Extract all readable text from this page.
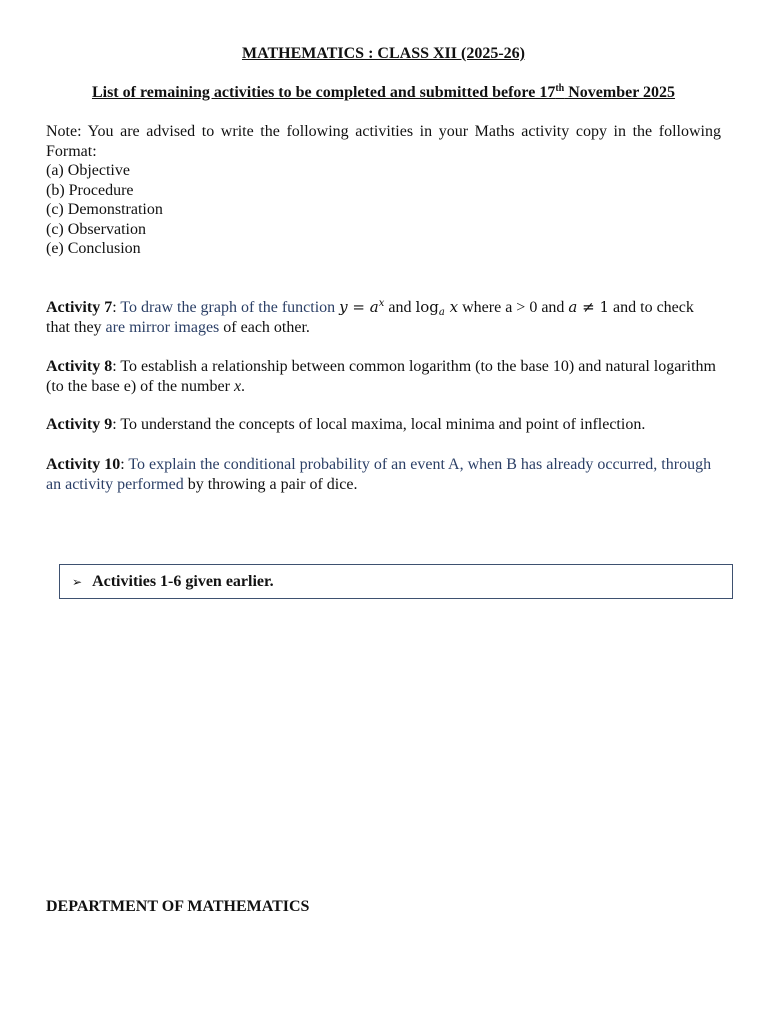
MATHEMATICS : CLASS XII (2025-26)
List of remaining activities to be completed and submitted before 17th November 2025
Note: You are advised to write the following activities in your Maths activity copy in the following Format:
(a) Objective
(b) Procedure
(c) Demonstration
(c) Observation
(e) Conclusion
Activity 7: To draw the graph of the function $y = a^x$ and $\log_a x$ where a > 0 and a ≠ 1 and to check that they are mirror images of each other.
Activity 8: To establish a relationship between common logarithm (to the base 10) and natural logarithm (to the base e) of the number x.
Activity 9: To understand the concepts of local maxima, local minima and point of inflection.
Activity 10: To explain the conditional probability of an event A, when B has already occurred, through an activity performed by throwing a pair of dice.
➢ Activities 1-6 given earlier.
DEPARTMENT OF MATHEMATICS
